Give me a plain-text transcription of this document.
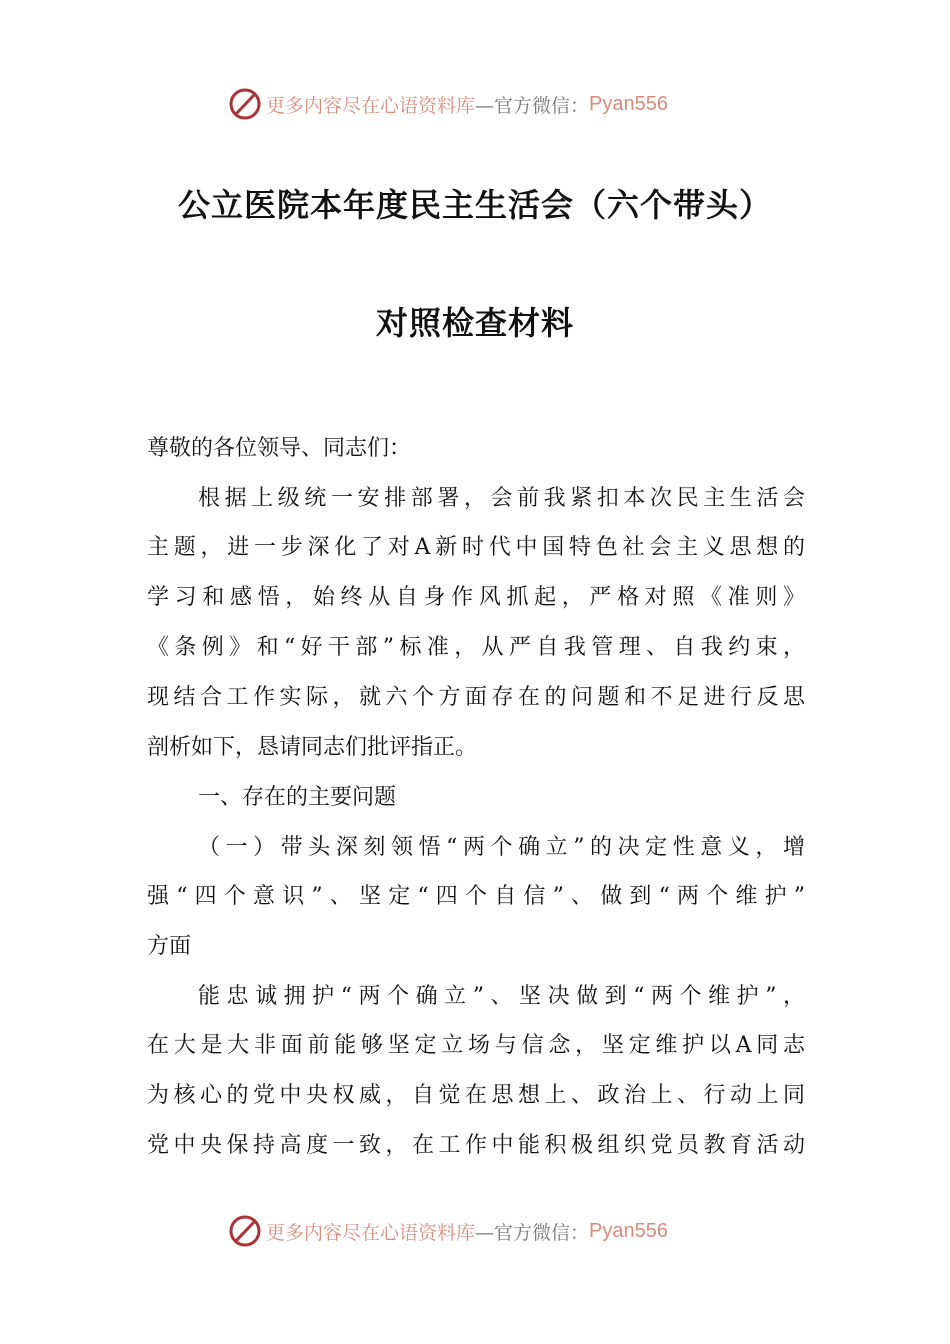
更多内容尽在心语资料库 —官方微信： Pyan556
公立医院本年度民主生活会（六个带头）
对照检查材料
尊敬的各位领导、同志们：
根据上级统一安排部署，会前我紧扣本次民主生活会
主题，进一步深化了对A新时代中国特色社会主义思想的
学习和感悟，始终从自身作风抓起，严格对照《准则》
《条例》和“好干部”标准，从严自我管理、自我约束，
现结合工作实际，就六个方面存在的问题和不足进行反思
剖析如下，恳请同志们批评指正。
一、存在的主要问题
（一）带头深刻领悟“两个确立”的决定性意义，增
强“四个意识”、坚定“四个自信”、做到“两个维护”
方面
能忠诚拥护“两个确立”、坚决做到“两个维护”，
在大是大非面前能够坚定立场与信念，坚定维护以A同志
为核心的党中央权威，自觉在思想上、政治上、行动上同
党中央保持高度一致，在工作中能积极组织党员教育活动
更多内容尽在心语资料库 —官方微信： Pyan556
